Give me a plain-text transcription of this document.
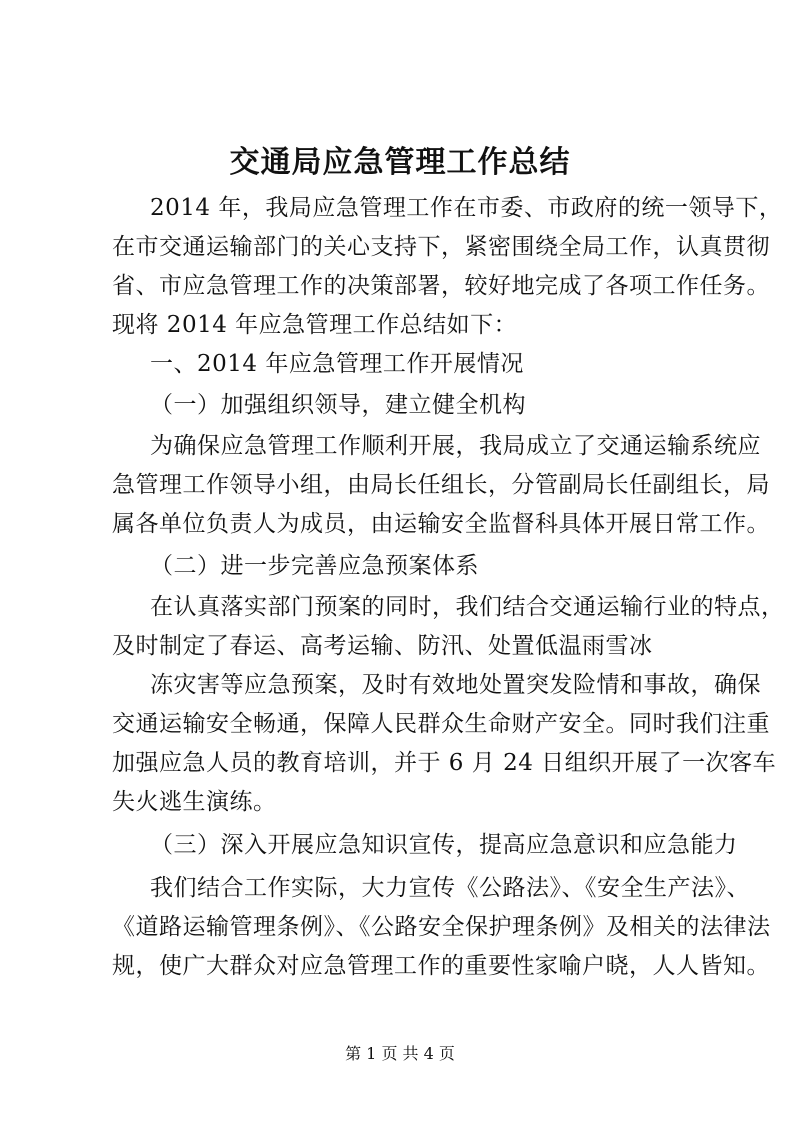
交通局应急管理工作总结
2014 年，我局应急管理工作在市委、市政府的统一领导下，
在市交通运输部门的关心支持下，紧密围绕全局工作，认真贯彻
省、市应急管理工作的决策部署，较好地完成了各项工作任务。
现将 2014 年应急管理工作总结如下：
一、2014 年应急管理工作开展情况
（一）加强组织领导，建立健全机构
为确保应急管理工作顺利开展，我局成立了交通运输系统应
急管理工作领导小组，由局长任组长，分管副局长任副组长，局
属各单位负责人为成员，由运输安全监督科具体开展日常工作。
（二）进一步完善应急预案体系
在认真落实部门预案的同时，我们结合交通运输行业的特点，
及时制定了春运、高考运输、防汛、处置低温雨雪冰
冻灾害等应急预案，及时有效地处置突发险情和事故，确保
交通运输安全畅通，保障人民群众生命财产安全。同时我们注重
加强应急人员的教育培训，并于 6 月 24 日组织开展了一次客车
失火逃生演练。
（三）深入开展应急知识宣传，提高应急意识和应急能力
我们结合工作实际，大力宣传《公路法》、《安全生产法》、
《道路运输管理条例》、《公路安全保护理条例》及相关的法律法
规，使广大群众对应急管理工作的重要性家喻户晓，人人皆知。
第 1 页 共 4 页
